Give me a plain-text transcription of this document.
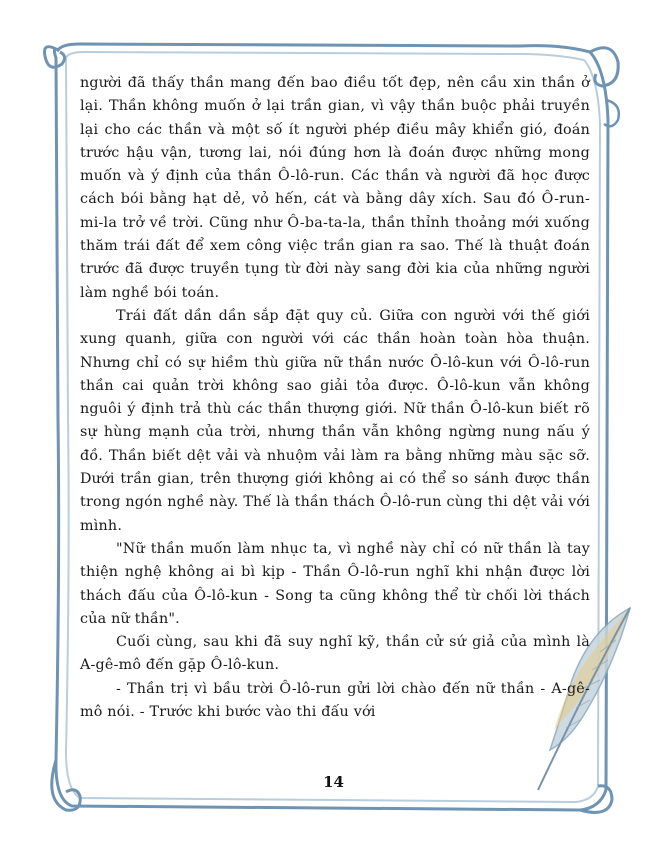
người đã thấy thần mang đến bao điều tốt đẹp, nên cầu xin thần ở lại. Thần không muốn ở lại trần gian, vì vậy thần buộc phải truyền lại cho các thần và một số ít người phép điều mây khiển gió, đoán trước hậu vận, tương lai, nói đúng hơn là đoán được những mong muốn và ý định của thần Ô-lô-run. Các thần và người đã học được cách bói bằng hạt dẻ, vỏ hến, cát và bằng dây xích. Sau đó Ô-run-mi-la trở về trời. Cũng như Ô-ba-ta-la, thần thỉnh thoảng mới xuống thăm trái đất để xem công việc trần gian ra sao. Thế là thuật đoán trước đã được truyền tụng từ đời này sang đời kia của những người làm nghề bói toán.

Trái đất dần dần sắp đặt quy củ. Giữa con người với thế giới xung quanh, giữa con người với các thần hoàn toàn hòa thuận. Nhưng chỉ có sự hiềm thù giữa nữ thần nước Ô-lô-kun với Ô-lô-run thần cai quản trời không sao giải tỏa được. Ô-lô-kun vẫn không nguôi ý định trả thù các thần thượng giới. Nữ thần Ô-lô-kun biết rõ sự hùng mạnh của trời, nhưng thần vẫn không ngừng nung nấu ý đồ. Thần biết dệt vải và nhuộm vải làm ra bằng những màu sặc sỡ. Dưới trần gian, trên thượng giới không ai có thể so sánh được thần trong ngón nghề này. Thế là thần thách Ô-lô-run cùng thi dệt vải với mình.

"Nữ thần muốn làm nhục ta, vì nghề này chỉ có nữ thần là tay thiện nghệ không ai bì kịp - Thần Ô-lô-run nghĩ khi nhận được lời thách đấu của Ô-lô-kun - Song ta cũng không thể từ chối lời thách của nữ thần".

Cuối cùng, sau khi đã suy nghĩ kỹ, thần cử sứ giả của mình là A-gê-mô đến gặp Ô-lô-kun.

- Thần trị vì bầu trời Ô-lô-run gửi lời chào đến nữ thần - A-gê-mô nói. - Trước khi bước vào thi đấu với

14
